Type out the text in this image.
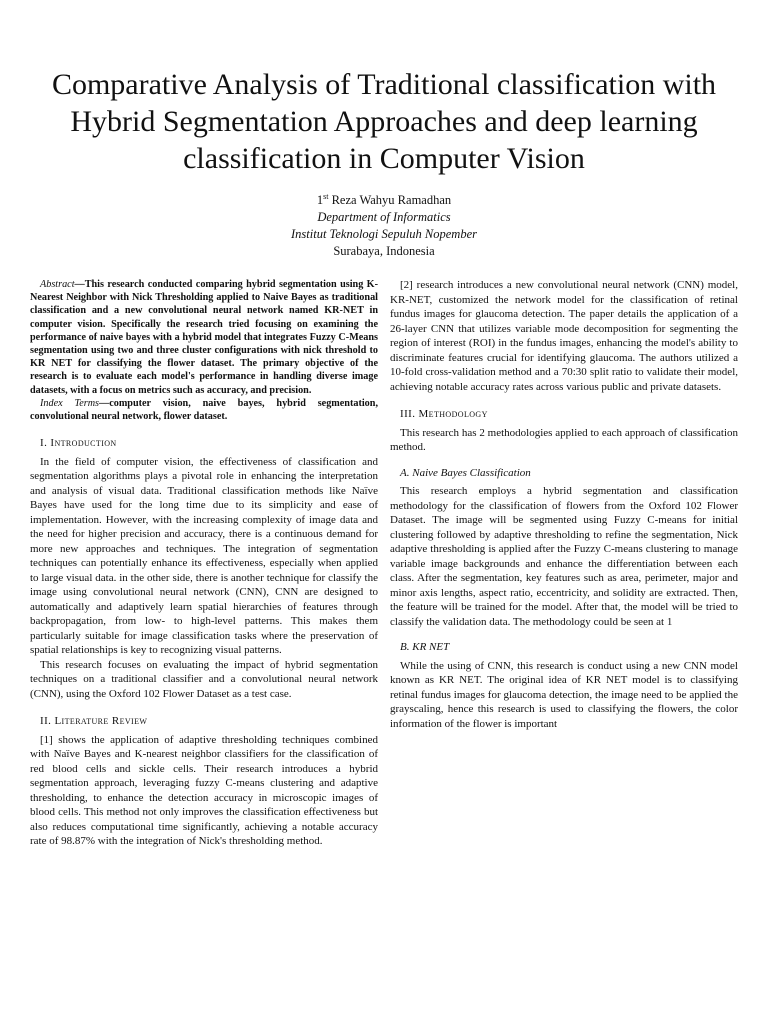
Comparative Analysis of Traditional classification with Hybrid Segmentation Approaches and deep learning classification in Computer Vision
1st Reza Wahyu Ramadhan
Department of Informatics
Institut Teknologi Sepuluh Nopember
Surabaya, Indonesia

Abstract—This research conducted comparing hybrid segmentation using K-Nearest Neighbor with Nick Thresholding applied to Naive Bayes as traditional classification and a new convolutional neural network named KR-NET in computer vision. Specifically the research tried focusing on examining the performance of naive bayes with a hybrid model that integrates Fuzzy C-Means segmentation using two and three cluster configurations with nick threshold to KR NET for classifying the flower dataset. The primary objective of the research is to evaluate each model's performance in handling diverse image datasets, with a focus on metrics such as accuracy, and precision.

Index Terms—computer vision, naive bayes, hybrid segmentation, convolutional neural network, flower dataset.

I. Introduction

In the field of computer vision, the effectiveness of classification and segmentation algorithms plays a pivotal role in enhancing the interpretation and analysis of visual data. Traditional classification methods like Naïve Bayes have used for the long time due to its simplicity and ease of implementation. However, with the increasing complexity of image data and the need for higher precision and accuracy, there is a continuous demand for more new approaches and techniques. The integration of segmentation techniques can potentially enhance its effectiveness, especially when applied to large visual data. in the other side, there is another technique for classify the image using convolutional neural network (CNN), CNN are designed to automatically and adaptively learn spatial hierarchies of features through backpropagation, from low- to high-level patterns. This makes them particularly suitable for image classification tasks where the preservation of spatial relationships is key to recognizing visual patterns.

This research focuses on evaluating the impact of hybrid segmentation techniques on a traditional classifier and a convolutional neural network (CNN), using the Oxford 102 Flower Dataset as a test case.

II. Literature Review

[1] shows the application of adaptive thresholding techniques combined with Naïve Bayes and K-nearest neighbor classifiers for the classification of red blood cells and sickle cells. Their research introduces a hybrid segmentation approach, leveraging fuzzy C-means clustering and adaptive thresholding, to enhance the detection accuracy in microscopic images of blood cells. This method not only improves the classification effectiveness but also reduces computational time significantly, achieving a notable accuracy rate of 98.87% with the integration of Nick's thresholding method.

[2] research introduces a new convolutional neural network (CNN) model, KR-NET, customized the network model for the classification of retinal fundus images for glaucoma detection. The paper details the application of a 26-layer CNN that utilizes variable mode decomposition for segmenting the region of interest (ROI) in the fundus images, enhancing the model's ability to discriminate features crucial for identifying glaucoma. The authors utilized a 10-fold cross-validation method and a 70:30 split ratio to validate their model, achieving notable accuracy rates across various public and private datasets.

III. Methodology

This research has 2 methodologies applied to each approach of classification method.

A. Naive Bayes Classification

This research employs a hybrid segmentation and classification methodology for the classification of flowers from the Oxford 102 Flower Dataset. The image will be segmented using Fuzzy C-means for initial clustering followed by adaptive thresholding to refine the segmentation, Nick adaptive thresholding is applied after the Fuzzy C-means clustering to manage variable image backgrounds and enhance the differentiation between each class. After the segmentation, key features such as area, perimeter, major and minor axis lengths, aspect ratio, eccentricity, and solidity are extracted. Then, the feature will be trained for the model. After that, the model will be tried to classify the validation data. The methodology could be seen at 1

B. KR NET

While the using of CNN, this research is conduct using a new CNN model known as KR NET. The original idea of KR NET model is to classifying retinal fundus images for glaucoma detection, the image need to be applied the grayscaling, hence this research is used to classifying the flowers, the color information of the flower is important
